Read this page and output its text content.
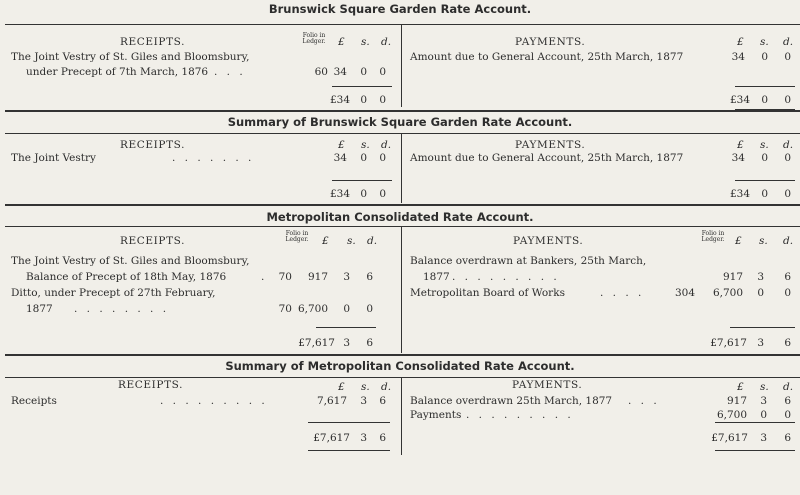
Brunswick Square Garden Rate Account.
RECEIPTS.
Folio in Ledger. £ s. d.
The Joint Vestry of St. Giles and Bloomsbury,
under Precept of 7th March, 1876 . . .	60 34	0	0
£34 0	0
PAYMENTS.	£ s. d.
Amount due to General Account, 25th March, 1877	34	0	0
£34	0	0
Summary of Brunswick Square Garden Rate Account.
RECEIPTS.	£ s. d.
The Joint Vestry	. . . . . . .	34	0	0
£34 0	0
PAYMENTS.	£ s. d.
Amount due to General Account, 25th March, 1877	34	0	0
£34	0	0
Metropolitan Consolidated Rate Account.
RECEIPTS.
Folio in Ledger. £ s. d.
The Joint Vestry of St. Giles and Bloomsbury,
Balance of Precept of 18th May, 1876	.	70	917	3	6
Ditto, under Precept of 27th February,
1877 . . . . . . . .	70 6,700	0	0
£7,617 3	6
PAYMENTS.
Folio in Ledger. £ s. d.
Balance overdrawn at Bankers, 25th March,
1877 . . . . . . . . .	917	3	6
Metropolitan Board of Works	. . . .	304	6,700	0	0
£7,617 3	6
Summary of Metropolitan Consolidated Rate Account.
RECEIPTS.	£ s. d.
Receipts	. . . . . . . . .	7,617	3	6
£7,617 3	6
PAYMENTS.	£ s. d.
Balance overdrawn 25th March, 1877 . . .	917	3	6
Payments . . . . . . . . .	6,700	0	0
£7,617	3	6
